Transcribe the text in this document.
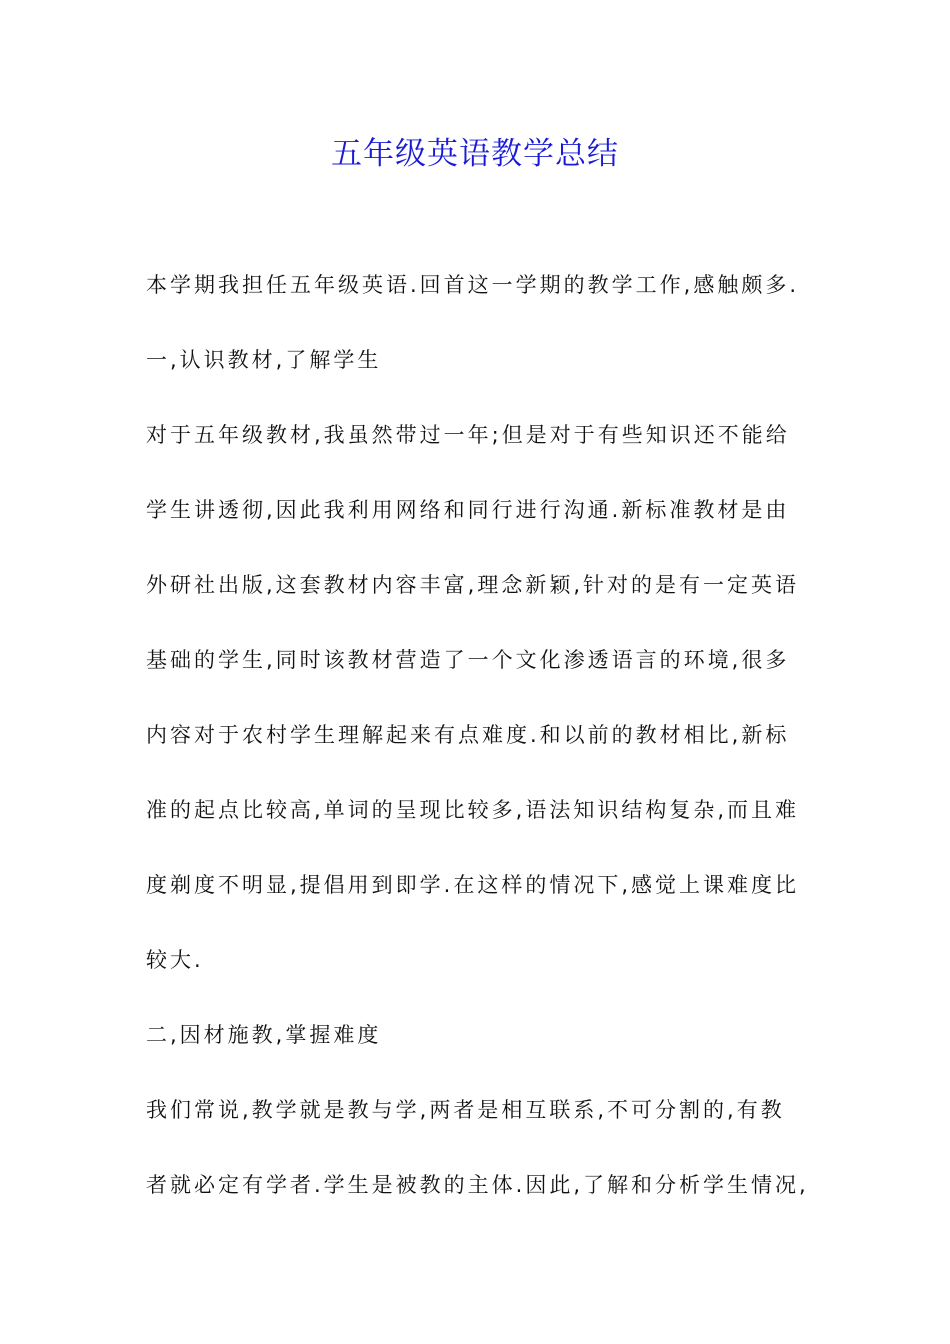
五年级英语教学总结
本学期我担任五年级英语.回首这一学期的教学工作,感触颇多.
一,认识教材,了解学生
对于五年级教材,我虽然带过一年;但是对于有些知识还不能给
学生讲透彻,因此我利用网络和同行进行沟通.新标准教材是由
外研社出版,这套教材内容丰富,理念新颖,针对的是有一定英语
基础的学生,同时该教材营造了一个文化渗透语言的环境,很多
内容对于农村学生理解起来有点难度.和以前的教材相比,新标
准的起点比较高,单词的呈现比较多,语法知识结构复杂,而且难
度剃度不明显,提倡用到即学.在这样的情况下,感觉上课难度比
较大.
二,因材施教,掌握难度
我们常说,教学就是教与学,两者是相互联系,不可分割的,有教
者就必定有学者.学生是被教的主体.因此,了解和分析学生情况,
